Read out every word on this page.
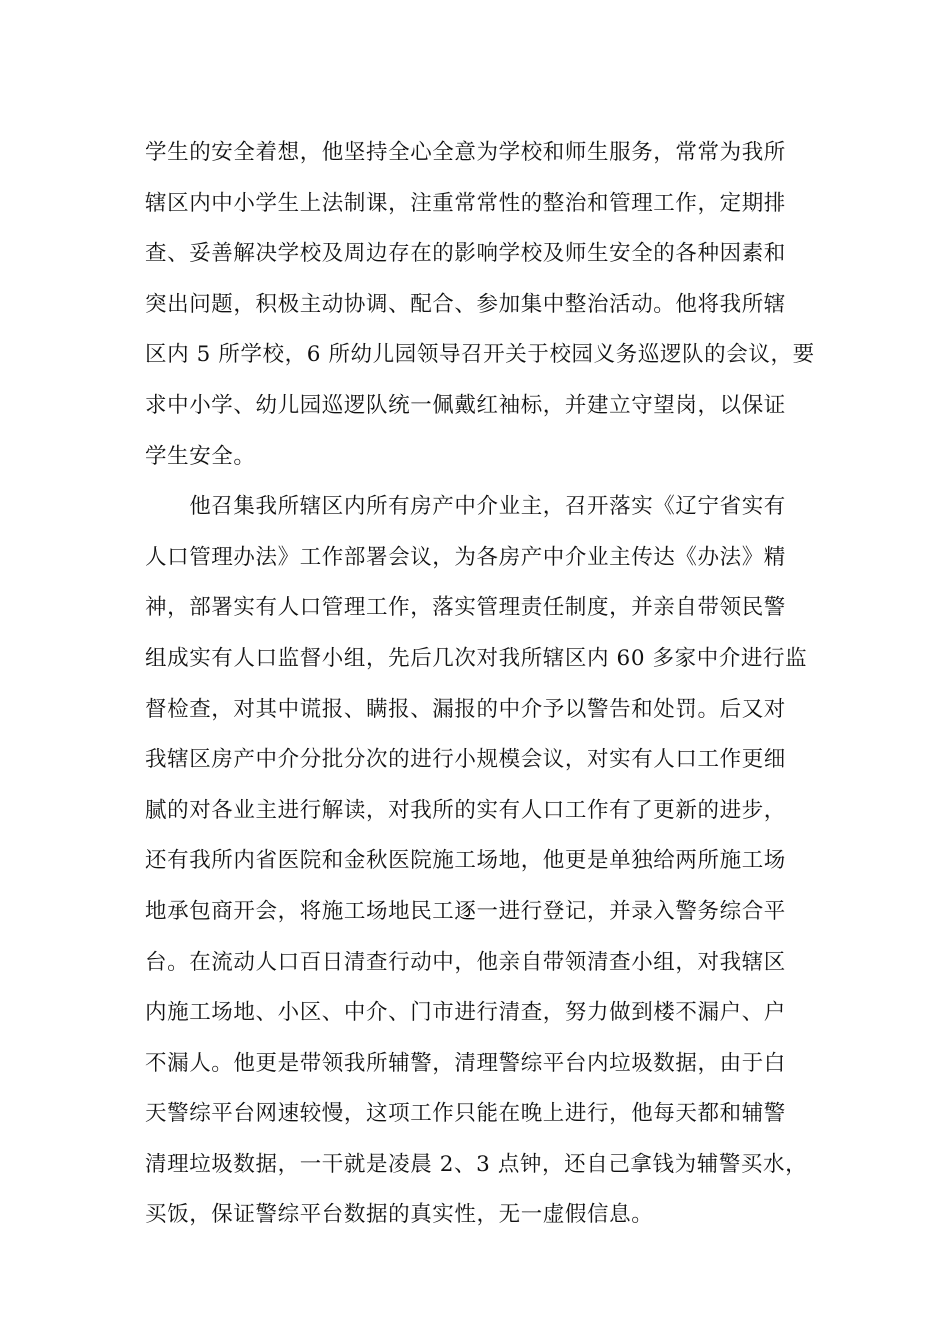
学生的安全着想，他坚持全心全意为学校和师生服务，常常为我所
辖区内中小学生上法制课，注重常常性的整治和管理工作，定期排
查、妥善解决学校及周边存在的影响学校及师生安全的各种因素和
突出问题，积极主动协调、配合、参加集中整治活动。他将我所辖
区内 5 所学校，6 所幼儿园领导召开关于校园义务巡逻队的会议，要
求中小学、幼儿园巡逻队统一佩戴红袖标，并建立守望岗，以保证
学生安全。
　　他召集我所辖区内所有房产中介业主，召开落实《辽宁省实有
人口管理办法》工作部署会议，为各房产中介业主传达《办法》精
神，部署实有人口管理工作，落实管理责任制度，并亲自带领民警
组成实有人口监督小组，先后几次对我所辖区内 60 多家中介进行监
督检查，对其中谎报、瞒报、漏报的中介予以警告和处罚。后又对
我辖区房产中介分批分次的进行小规模会议，对实有人口工作更细
腻的对各业主进行解读，对我所的实有人口工作有了更新的进步，
还有我所内省医院和金秋医院施工场地，他更是单独给两所施工场
地承包商开会，将施工场地民工逐一进行登记，并录入警务综合平
台。在流动人口百日清查行动中，他亲自带领清查小组，对我辖区
内施工场地、小区、中介、门市进行清查，努力做到楼不漏户、户
不漏人。他更是带领我所辅警，清理警综平台内垃圾数据，由于白
天警综平台网速较慢，这项工作只能在晚上进行，他每天都和辅警
清理垃圾数据，一干就是凌晨 2、3 点钟，还自己拿钱为辅警买水，
买饭，保证警综平台数据的真实性，无一虚假信息。
